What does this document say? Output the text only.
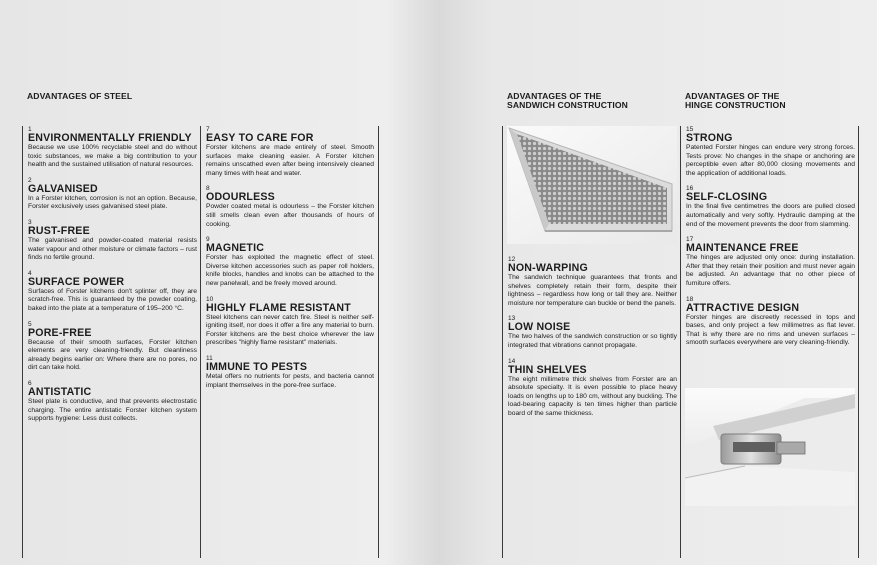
ADVANTAGES OF STEEL	ADVANTAGES OF THE
SANDWICH CONSTRUCTION
ADVANTAGES OF THE
HINGE CONSTRUCTION
1
ENVIRONMENTALLY FRIENDLY
Because we use 100% recyclable steel and do without toxic substances, we make a big contribution to your health and the sustained utilisation of natural resources.
2
GALVANISED
In a Forster kitchen, corrosion is not an option. Because, Forster exclusively uses galvanised steel plate.
3
RUST-FREE
The galvanised and powder-coated material resists water vapour and other moisture or climate factors – rust finds no fertile ground.
4
SURFACE POWER
Surfaces of Forster kitchens don't splinter off, they are scratch-free. This is guaranteed by the powder coating, baked into the plate at a temperature of 195–200 °C.
5
PORE-FREE
Because of their smooth surfaces, Forster kitchen elements are very cleaning-friendly. But cleanliness already begins earlier on: Where there are no pores, no dirt can take hold.
6
ANTISTATIC
Steel plate is conductive, and that prevents electrostatic charging. The entire antistatic Forster kitchen system supports hygiene: Less dust collects.
7
EASY TO CARE FOR
Forster kitchens are made entirely of steel. Smooth surfaces make cleaning easier. A Forster kitchen remains unscathed even after being intensively cleaned many times with heat and water.
8
ODOURLESS
Powder coated metal is odourless – the Forster kitchen still smells clean even after thousands of hours of cooking.
9
MAGNETIC
Forster has exploited the magnetic effect of steel. Diverse kitchen accessories such as paper roll holders, knife blocks, handles and knobs can be attached to the new panelwall, and be freely moved around.
10
HIGHLY FLAME RESISTANT
Steel kitchens can never catch fire. Steel is neither self-igniting itself, nor does it offer a fire any material to burn. Forster kitchens are the best choice wherever the law prescribes "highly flame resistant" materials.
11
IMMUNE TO PESTS
Metal offers no nutrients for pests, and bacteria cannot implant themselves in the pore-free surface.
12
NON-WARPING
The sandwich technique guarantees that fronts and shelves completely retain their form, despite their lightness – regardless how long or tall they are. Neither moisture nor temperature can buckle or bend the panels.
13
LOW NOISE
The two halves of the sandwich construction or so tightly integrated that vibrations cannot propagate.
14
THIN SHELVES
The eight millimetre thick shelves from Forster are an absolute specialty. It is even possible to place heavy loads on lengths up to 180 cm, without any buckling. The load-bearing capacity is ten times higher than particle board of the same thickness.
15
STRONG
Patented Forster hinges can endure very strong forces. Tests prove: No changes in the shape or anchoring are perceptible even after 80,000 closing movements and the application of additional loads.
16
SELF-CLOSING
In the final five centimetres the doors are pulled closed automatically and very softly. Hydraulic damping at the end of the movement prevents the door from slamming.
17
MAINTENANCE FREE
The hinges are adjusted only once: during installation. After that they retain their position and must never again be adjusted. An advantage that no other piece of furniture offers.
18
ATTRACTIVE DESIGN
Forster hinges are discreetly recessed in tops and bases, and only project a few millimetres as flat lever. That is why there are no rims and uneven surfaces – smooth surfaces everywhere are very cleaning-friendly.
